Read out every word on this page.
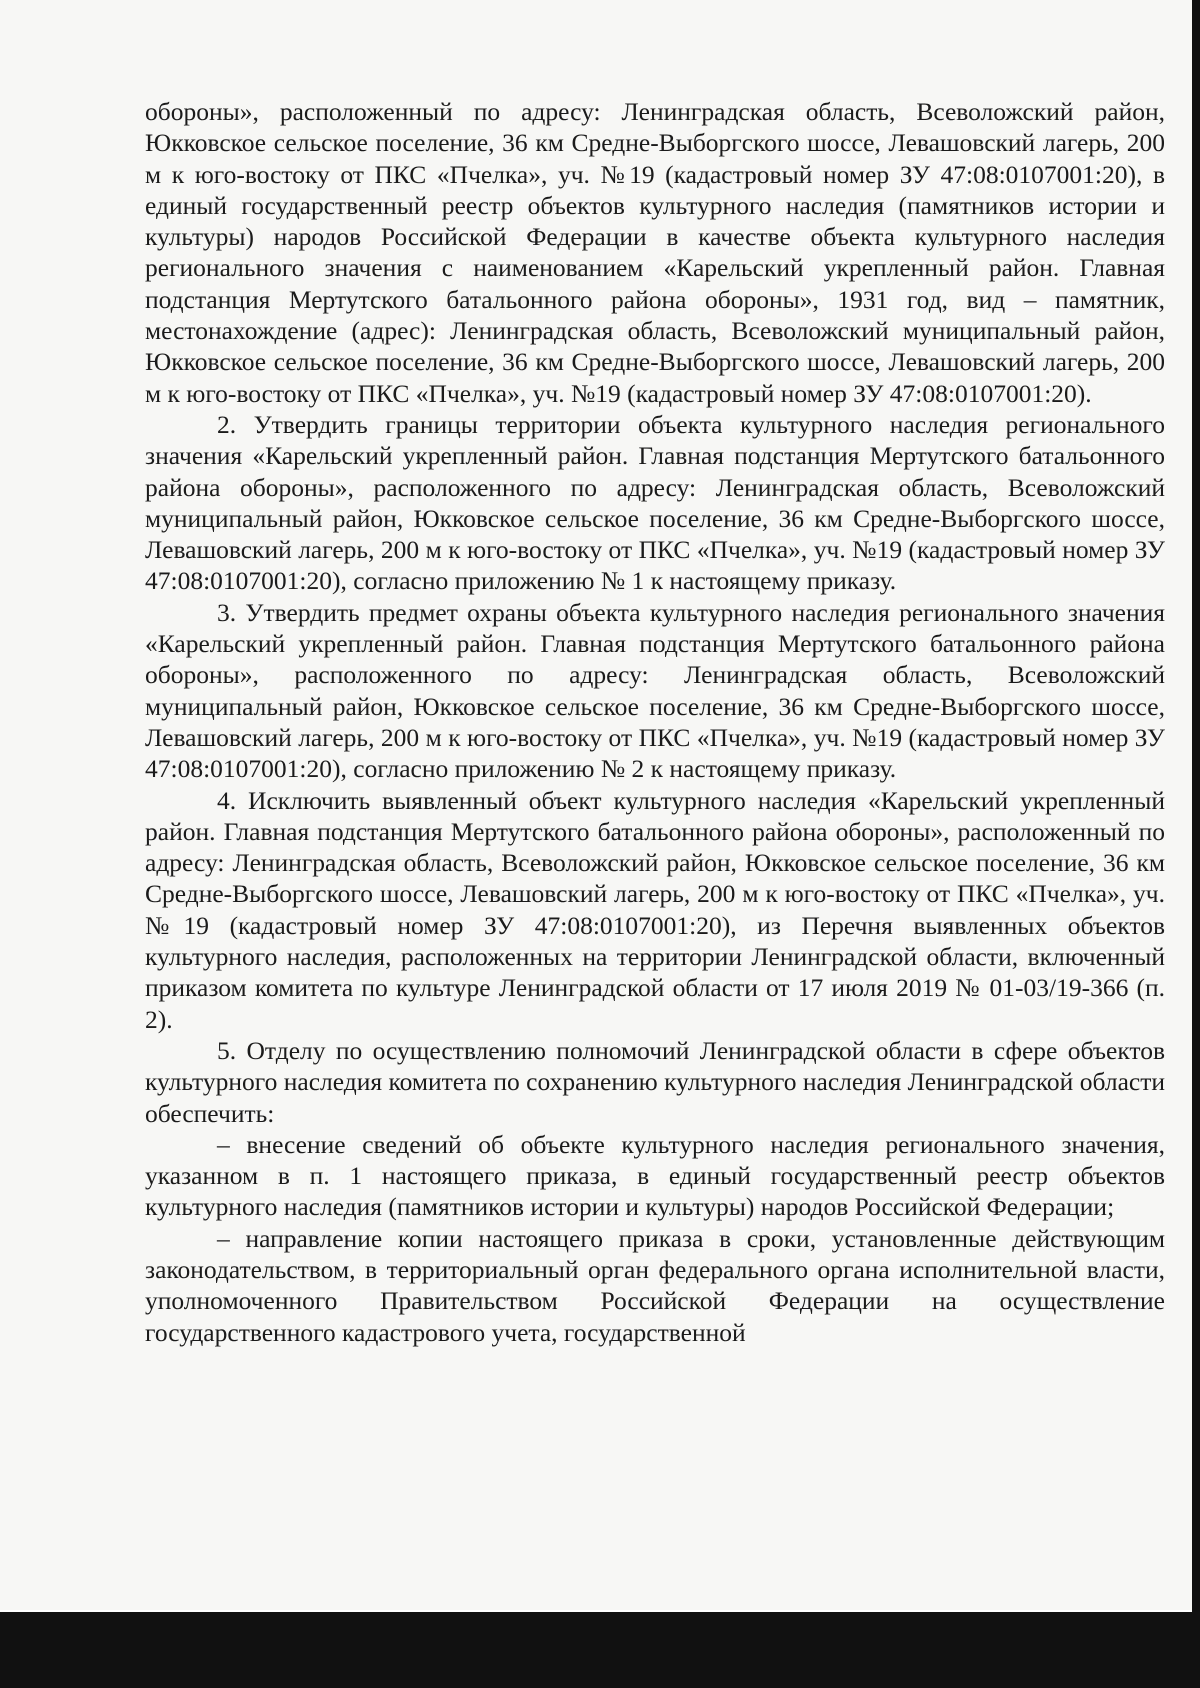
обороны», расположенный по адресу: Ленинградская область, Всеволожский район, Юкковское сельское поселение, 36 км Средне-Выборгского шоссе, Левашовский лагерь, 200 м к юго-востоку от ПКС «Пчелка», уч. №19 (кадастровый номер ЗУ 47:08:0107001:20), в единый государственный реестр объектов культурного наследия (памятников истории и культуры) народов Российской Федерации в качестве объекта культурного наследия регионального значения с наименованием «Карельский укрепленный район. Главная подстанция Мертутского батальонного района обороны», 1931 год, вид – памятник, местонахождение (адрес): Ленинградская область, Всеволожский муниципальный район, Юкковское сельское поселение, 36 км Средне-Выборгского шоссе, Левашовский лагерь, 200 м к юго-востоку от ПКС «Пчелка», уч. №19 (кадастровый номер ЗУ 47:08:0107001:20).

2. Утвердить границы территории объекта культурного наследия регионального значения «Карельский укрепленный район. Главная подстанция Мертутского батальонного района обороны», расположенного по адресу: Ленинградская область, Всеволожский муниципальный район, Юкковское сельское поселение, 36 км Средне-Выборгского шоссе, Левашовский лагерь, 200 м к юго-востоку от ПКС «Пчелка», уч. №19 (кадастровый номер ЗУ 47:08:0107001:20), согласно приложению № 1 к настоящему приказу.

3. Утвердить предмет охраны объекта культурного наследия регионального значения «Карельский укрепленный район. Главная подстанция Мертутского батальонного района обороны», расположенного по адресу: Ленинградская область, Всеволожский муниципальный район, Юкковское сельское поселение, 36 км Средне-Выборгского шоссе, Левашовский лагерь, 200 м к юго-востоку от ПКС «Пчелка», уч. №19 (кадастровый номер ЗУ 47:08:0107001:20), согласно приложению № 2 к настоящему приказу.

4. Исключить выявленный объект культурного наследия «Карельский укрепленный район. Главная подстанция Мертутского батальонного района обороны», расположенный по адресу: Ленинградская область, Всеволожский район, Юкковское сельское поселение, 36 км Средне-Выборгского шоссе, Левашовский лагерь, 200 м к юго-востоку от ПКС «Пчелка», уч. №19 (кадастровый номер ЗУ 47:08:0107001:20), из Перечня выявленных объектов культурного наследия, расположенных на территории Ленинградской области, включенный приказом комитета по культуре Ленинградской области от 17 июля 2019 № 01-03/19-366 (п. 2).

5. Отделу по осуществлению полномочий Ленинградской области в сфере объектов культурного наследия комитета по сохранению культурного наследия Ленинградской области обеспечить:

– внесение сведений об объекте культурного наследия регионального значения, указанном в п. 1 настоящего приказа, в единый государственный реестр объектов культурного наследия (памятников истории и культуры) народов Российской Федерации;

– направление копии настоящего приказа в сроки, установленные действующим законодательством, в территориальный орган федерального органа исполнительной власти, уполномоченного Правительством Российской Федерации на осуществление государственного кадастрового учета, государственной
